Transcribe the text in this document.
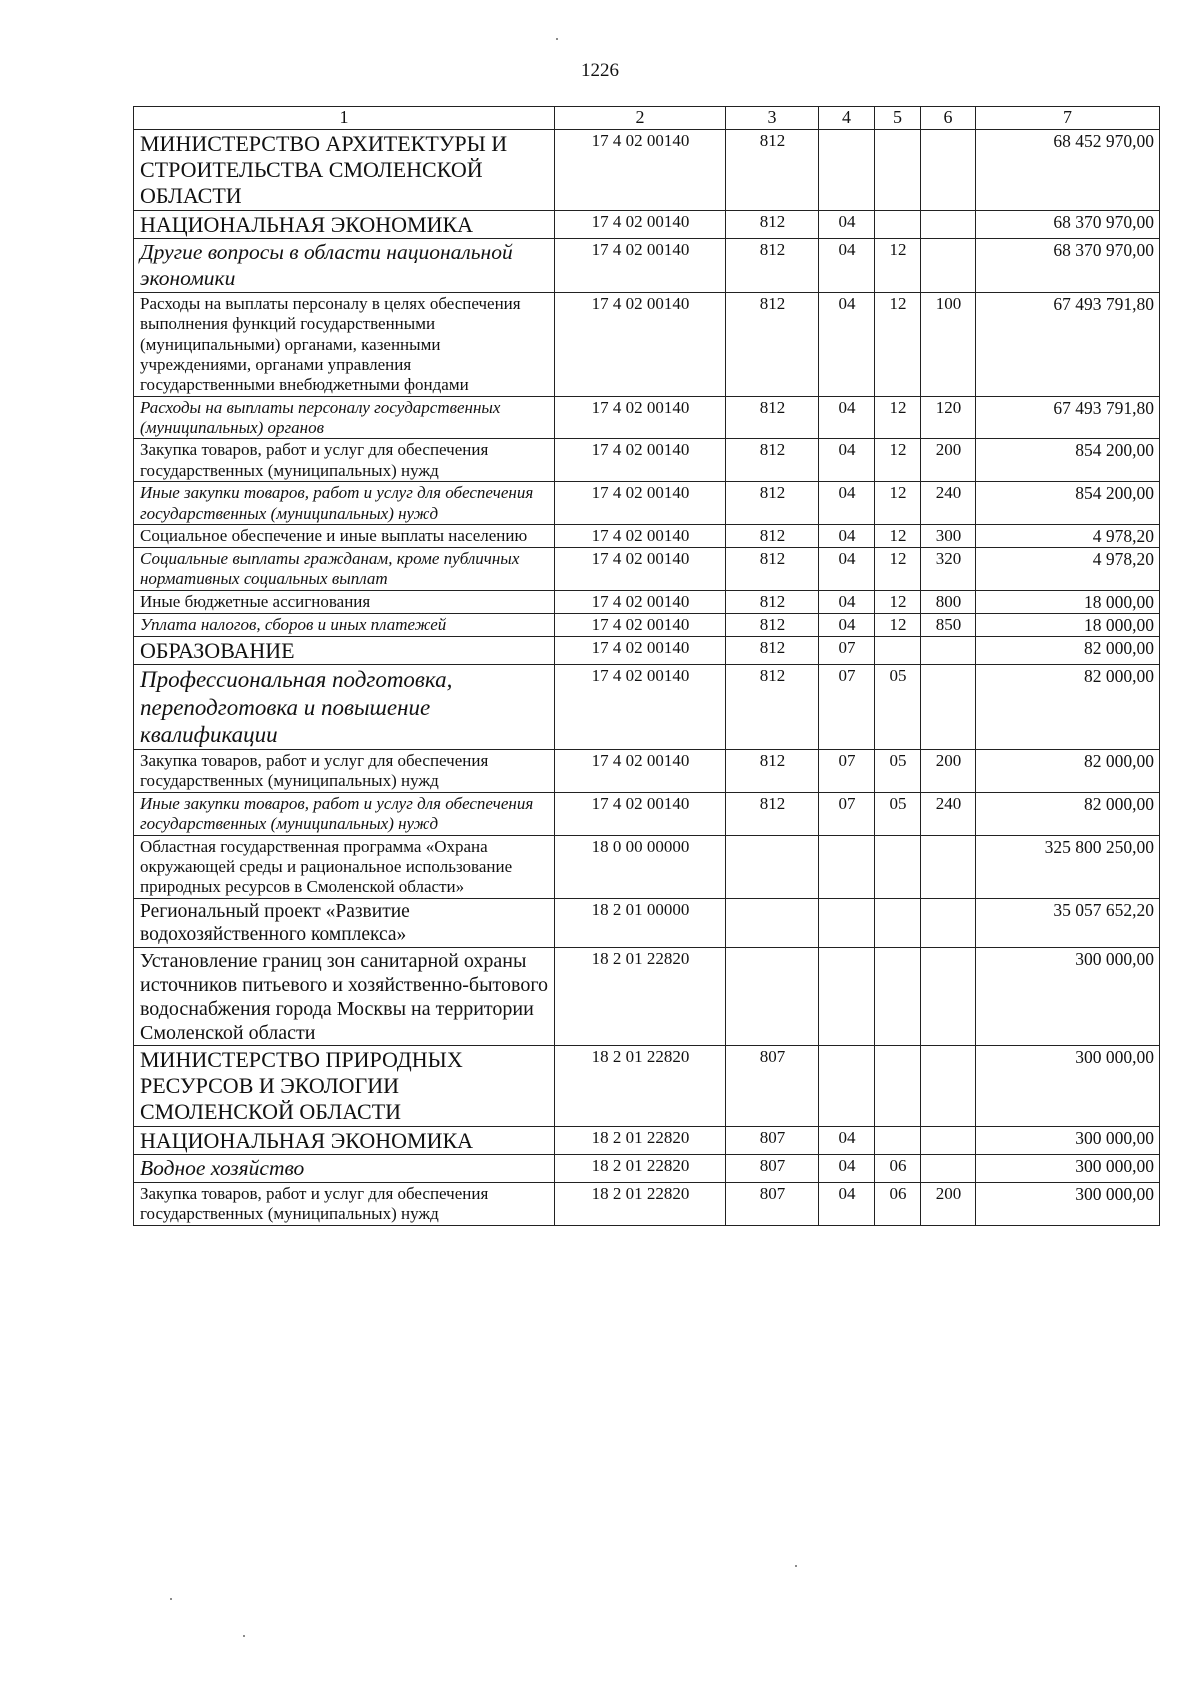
1226
1	2	3	4	5	6	7
МИНИСТЕРСТВО АРХИТЕКТУРЫ И СТРОИТЕЛЬСТВА СМОЛЕНСКОЙ ОБЛАСТИ	17 4 02 00140	812				68 452 970,00
НАЦИОНАЛЬНАЯ ЭКОНОМИКА	17 4 02 00140	812	04			68 370 970,00
Другие вопросы в области национальной экономики	17 4 02 00140	812	04	12		68 370 970,00
Расходы на выплаты персоналу в целях обеспечения выполнения функций государственными (муниципальными) органами, казенными учреждениями, органами управления государственными внебюджетными фондами	17 4 02 00140	812	04	12	100	67 493 791,80
Расходы на выплаты персоналу государственных (муниципальных) органов	17 4 02 00140	812	04	12	120	67 493 791,80
Закупка товаров, работ и услуг для обеспечения государственных (муниципальных) нужд	17 4 02 00140	812	04	12	200	854 200,00
Иные закупки товаров, работ и услуг для обеспечения государственных (муниципальных) нужд	17 4 02 00140	812	04	12	240	854 200,00
Социальное обеспечение и иные выплаты населению	17 4 02 00140	812	04	12	300	4 978,20
Социальные выплаты гражданам, кроме публичных нормативных социальных выплат	17 4 02 00140	812	04	12	320	4 978,20
Иные бюджетные ассигнования	17 4 02 00140	812	04	12	800	18 000,00
Уплата налогов, сборов и иных платежей	17 4 02 00140	812	04	12	850	18 000,00
ОБРАЗОВАНИЕ	17 4 02 00140	812	07			82 000,00
Профессиональная подготовка, переподготовка и повышение квалификации	17 4 02 00140	812	07	05		82 000,00
Закупка товаров, работ и услуг для обеспечения государственных (муниципальных) нужд	17 4 02 00140	812	07	05	200	82 000,00
Иные закупки товаров, работ и услуг для обеспечения государственных (муниципальных) нужд	17 4 02 00140	812	07	05	240	82 000,00
Областная государственная программа «Охрана окружающей среды и рациональное использование природных ресурсов в Смоленской области»	18 0 00 00000					325 800 250,00
Региональный проект «Развитие водохозяйственного комплекса»	18 2 01 00000					35 057 652,20
Установление границ зон санитарной охраны источников питьевого и хозяйственно-бытового водоснабжения города Москвы на территории Смоленской области	18 2 01 22820					300 000,00
МИНИСТЕРСТВО ПРИРОДНЫХ РЕСУРСОВ И ЭКОЛОГИИ СМОЛЕНСКОЙ ОБЛАСТИ	18 2 01 22820	807				300 000,00
НАЦИОНАЛЬНАЯ ЭКОНОМИКА	18 2 01 22820	807	04			300 000,00
Водное хозяйство	18 2 01 22820	807	04	06		300 000,00
Закупка товаров, работ и услуг для обеспечения государственных (муниципальных) нужд	18 2 01 22820	807	04	06	200	300 000,00
